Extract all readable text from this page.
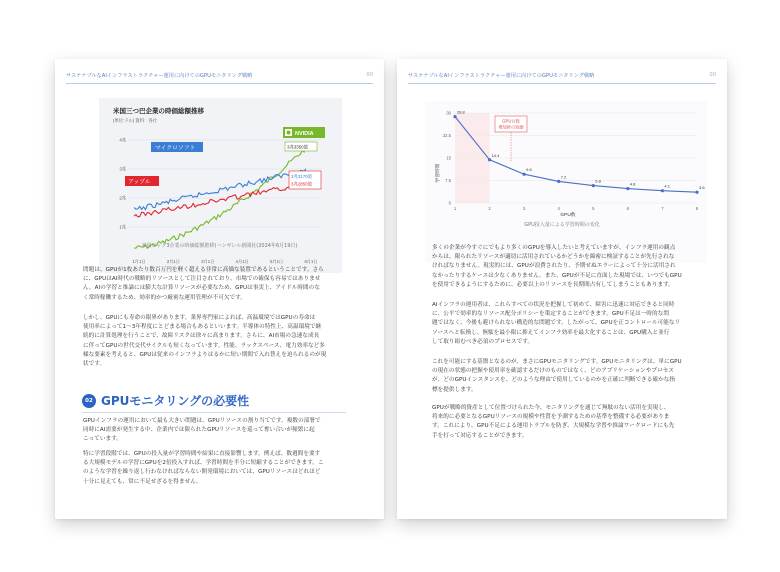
サステナブルなAIインフラストラクチャー運用に向けてのGPUモニタリング戦略	00
米国三つ巴企業の時価総額推移
(単位:ドル) 資料：各社
4兆
3兆
2兆
1兆
1月1日	2月1日	3月1日	4月1日	5月1日	6月1日
NVIDIA
マイクロソフト
アップル
3兆3350億
3兆3170億
3兆2850億

米国ビッグ3企業の時価総額推移(ハンギレル新聞社(2024年6月19日)

問題は、GPUが1枚あたり数百万円を軽く超える非常に高価な装置であるということです。さら
に、GPUはAI時代の戦略的リソースとして注目されており、市場での確保も容易ではありませ
ん。AIの学習と推論には膨大な計算リソースが必要なため、GPUは事実上、アイドル時間のな
く常時稼働するため、効率的かつ厳密な運用管理が不可欠です。

しかし、GPUにも寿命の限界があります。業界専門家によれば、高温環境ではGPUの寿命は
使用率によって1〜3年程度にとどまる場合もあるといいます。半導体の特性上、高温環境で継
続的に計算処理を行うことで、故障リスクは徐々に高まります。さらに、AI市場の急速な成長
に伴ってGPUの世代交代サイクルも短くなっています。性能、ラックスペース、電力効率など多
様な要素を考えると、GPUは従来のインフラよりはるかに短い期間で入れ替えを迫られるのが現
状です。

02 GPUモニタリングの必要性

GPUインフラの運用において最も大きい問題は、GPUリソースの割り当てです。複数の部署で
同時にAI需要が発生する中、企業内では限られたGPUリソースを巡って奪い合いが頻繁に起
こっています。

特に学習段階では、GPUの投入量が学習時間や結果に直接影響します。例えば、数週間を要す
る大規模モデルの学習にGPUを2倍投入すれば、学習時間を半分に短縮することができます。こ
のような学習を繰り返し行わなければならない開発環境においては、GPUリソースはどれほど
十分に見えても、常に不足せざるを得ません。

サステナブルなAIインフラストラクチャー運用に向けてのGPUモニタリング戦略	00
0
7.5
15
22.5
30
1	2	3	4	5	6	7	8
28.8
14.4
9.6
7.2
5.8
4.8	4.1	3.6
学習時間
GPU数
GPU台数
増加時の短縮

GPU投入量による学習時間の変化

多くの企業が今すぐにでもより多くのGPUを導入したいと考えていますが、インフラ運用の観点
からは、限られたリソースが適切に活用されているかどうかを綿密に検証することが先行されな
ければなりません。現実的には、GPUが浪費されたり、予期せぬエラーによって十分に活用され
なかったりするケースは少なくありません。また、GPUが不足に直面した現場では、いつでもGPU
を使用できるようにするために、必要以上のリソースを長期間占有してしまうこともあります。

AIインフラの運用者は、これらすべての状況を把握して初めて、障害に迅速に対応できると同時
に、公平で効率的なリソース配分ポリシーを策定することができます。GPU不足は一時的な問
題ではなく、今後も避けられない構造的な問題です。したがって、GPUを正コントロール可能なリ
ソースへと転換し、無駄を最小限に抑えてインフラ効率を最大化することは、GPU購入と並行
して取り組むべき必須のプロセスです。

これを可能にする基盤となるのが、まさにGPUモニタリングです。GPUモニタリングは、単にGPU
の現在の状態の把握や使用率を確認するだけのものではなく、どのアプリケーションやプロセス
が、どのGPUインスタンスを、どのような理由で使用しているのかを正確に判断できる確かな指
標を提供します。

GPUが戦略的資産として位置づけられた今、モニタリングを通じて無駄のない活用を実現し、
将来的に必要となるGPUリソースの規模や性質を予測するための基準を整備する必要がありま
す。これにより、GPU不足による運用トラブルを防ぎ、大規模な学習や推論ワークロードにも先
手を打って対応することができます。
